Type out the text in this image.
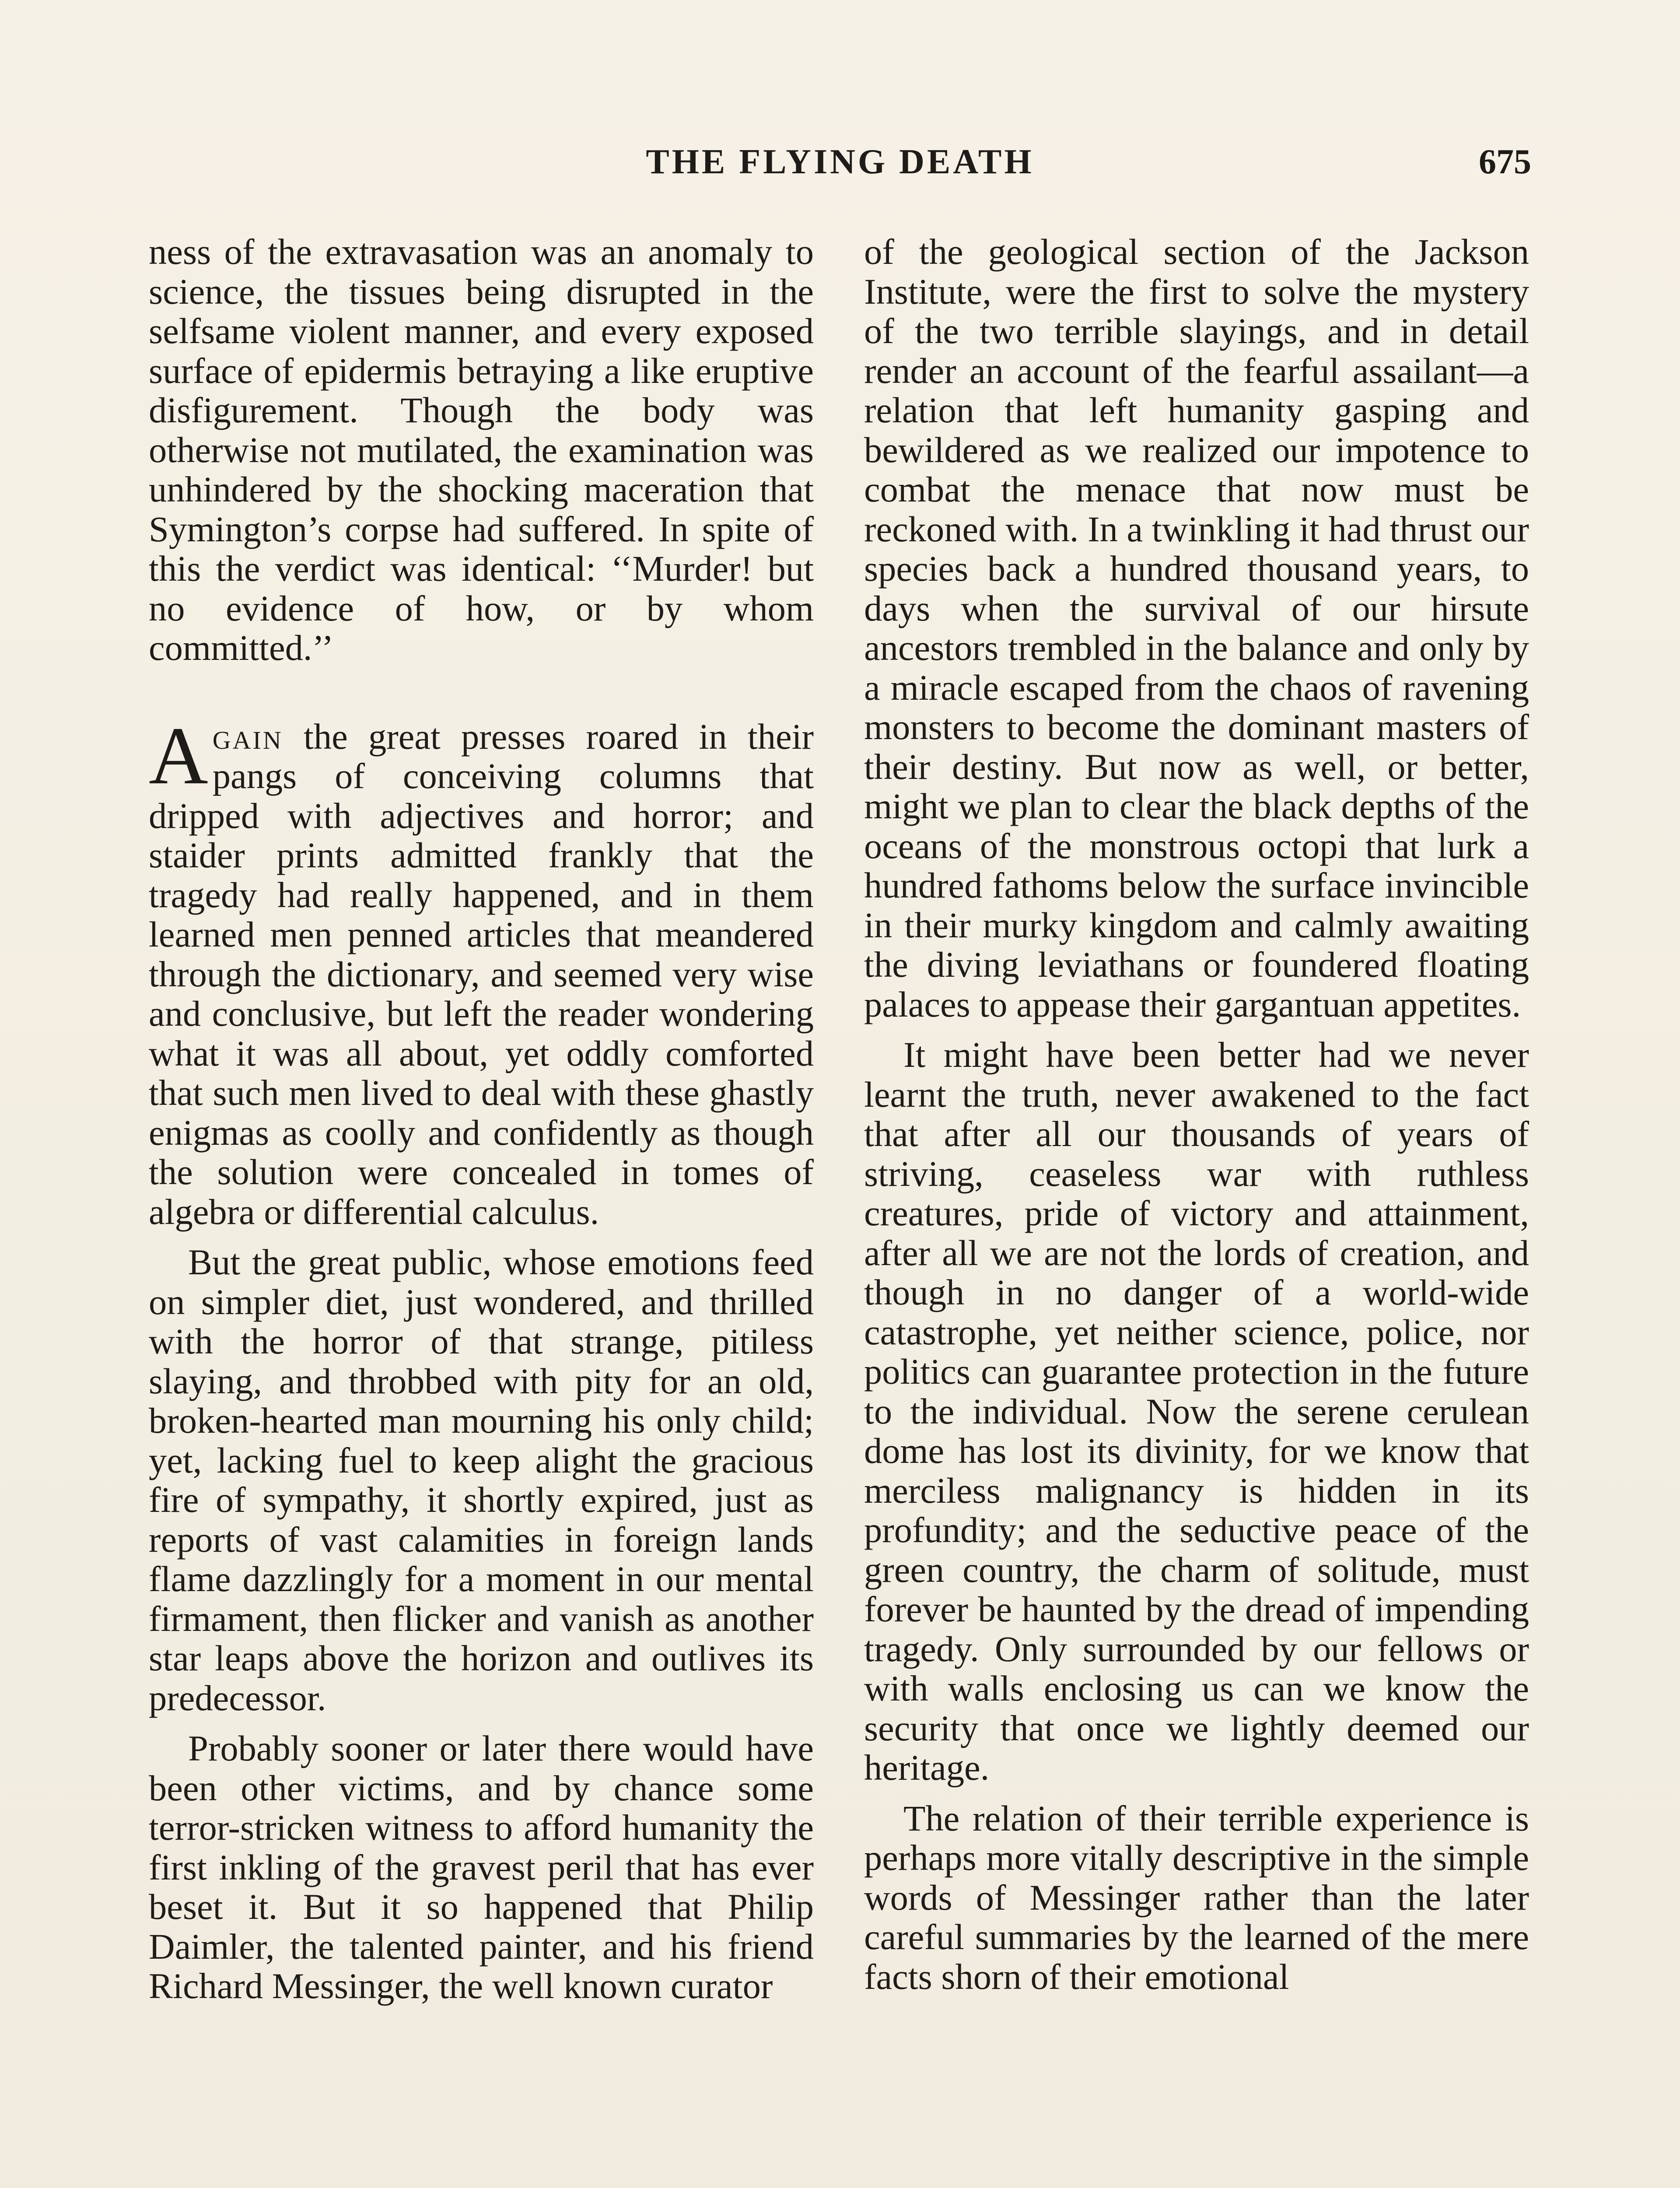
THE FLYING DEATH	675

ness of the extravasation was an anomaly to science, the tissues being disrupted in the selfsame violent manner, and every exposed surface of epidermis betraying a like eruptive disfigurement. Though the body was otherwise not mutilated, the examination was unhindered by the shocking maceration that Symington’s corpse had suffered. In spite of this the verdict was identical: ‘‘Murder! but no evidence of how, or by whom committed.’’

Again the great presses roared in their pangs of conceiving columns that dripped with adjectives and horror; and staider prints admitted frankly that the tragedy had really happened, and in them learned men penned articles that meandered through the dictionary, and seemed very wise and conclusive, but left the reader wondering what it was all about, yet oddly comforted that such men lived to deal with these ghastly enigmas as coolly and confidently as though the solution were concealed in tomes of algebra or differential calculus.

But the great public, whose emotions feed on simpler diet, just wondered, and thrilled with the horror of that strange, pitiless slaying, and throbbed with pity for an old, broken-hearted man mourning his only child; yet, lacking fuel to keep alight the gracious fire of sympathy, it shortly expired, just as reports of vast calamities in foreign lands flame dazzlingly for a moment in our mental firmament, then flicker and vanish as another star leaps above the horizon and outlives its predecessor.

Probably sooner or later there would have been other victims, and by chance some terror-stricken witness to afford humanity the first inkling of the gravest peril that has ever beset it. But it so happened that Philip Daimler, the talented painter, and his friend Richard Messinger, the well known curator

of the geological section of the Jackson Institute, were the first to solve the mystery of the two terrible slayings, and in detail render an account of the fearful assailant—a relation that left humanity gasping and bewildered as we realized our impotence to combat the menace that now must be reckoned with. In a twinkling it had thrust our species back a hundred thousand years, to days when the survival of our hirsute ancestors trembled in the balance and only by a miracle escaped from the chaos of ravening monsters to become the dominant masters of their destiny. But now as well, or better, might we plan to clear the black depths of the oceans of the monstrous octopi that lurk a hundred fathoms below the surface invincible in their murky kingdom and calmly awaiting the diving leviathans or foundered floating palaces to appease their gargantuan appetites.

It might have been better had we never learnt the truth, never awakened to the fact that after all our thousands of years of striving, ceaseless war with ruthless creatures, pride of victory and attainment, after all we are not the lords of creation, and though in no danger of a world-wide catastrophe, yet neither science, police, nor politics can guarantee protection in the future to the individual. Now the serene cerulean dome has lost its divinity, for we know that merciless malignancy is hidden in its profundity; and the seductive peace of the green country, the charm of solitude, must forever be haunted by the dread of impending tragedy. Only surrounded by our fellows or with walls enclosing us can we know the security that once we lightly deemed our heritage.

The relation of their terrible experience is perhaps more vitally descriptive in the simple words of Messinger rather than the later careful summaries by the learned of the mere facts shorn of their emotional
